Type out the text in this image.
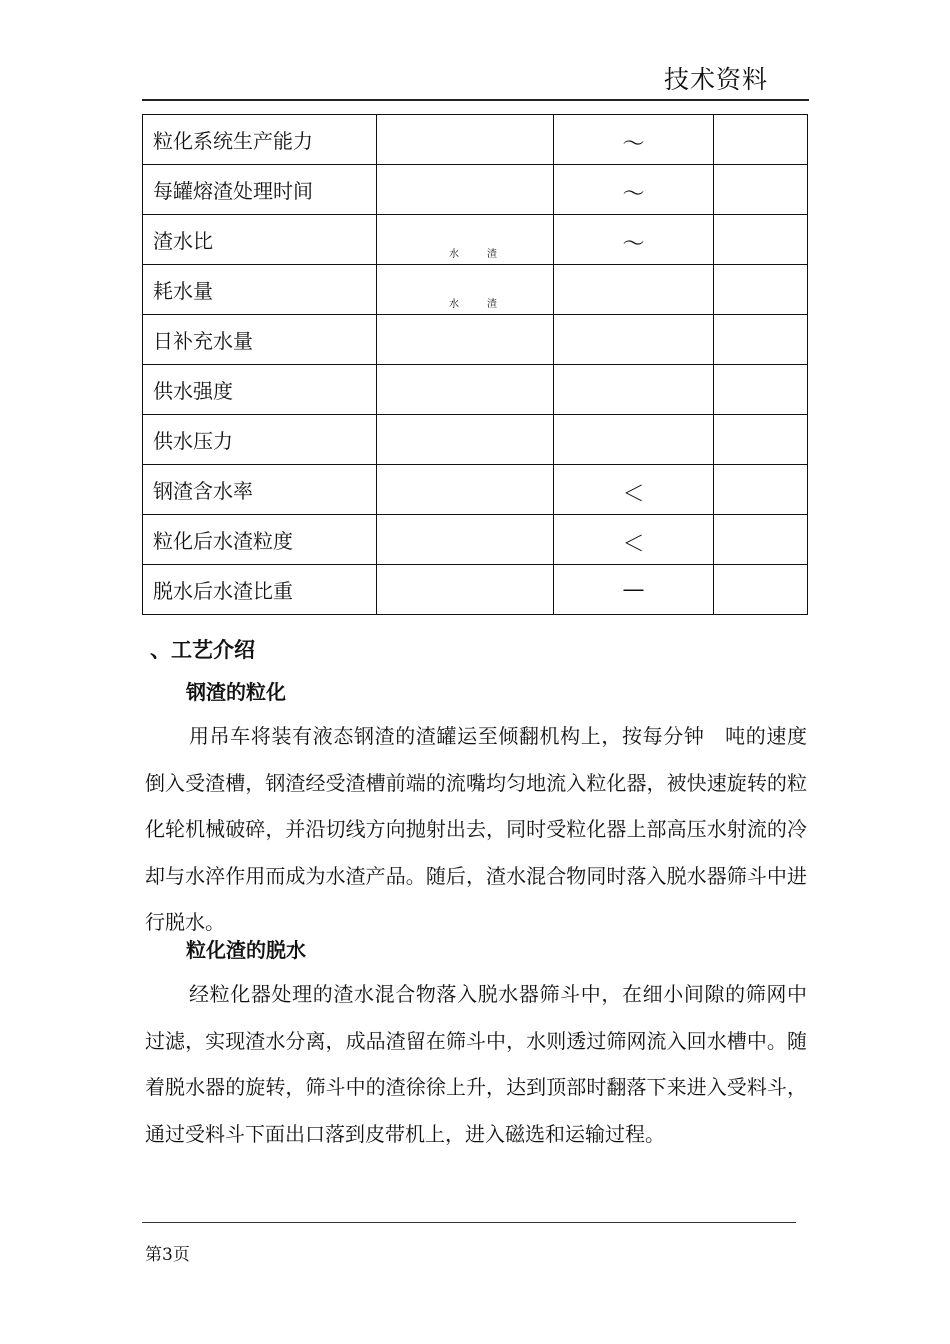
技术资料
粒化系统生产能力		～	
每罐熔渣处理时间		～	
渣水比	水 渣	～	
耗水量	水 渣		

日补充水量			
供水强度			
供水压力			
钢渣含水率		＜	
粒化后水渣粒度		＜	
脱水后水渣比重		—	
、工艺介绍
钢渣的粒化

用吊车将装有液态钢渣的渣罐运至倾翻机构上，按每分钟　吨的速度倒入受渣槽，钢渣经受渣槽前端的流嘴均匀地流入粒化器，被快速旋转的粒化轮机械破碎，并沿切线方向抛射出去，同时受粒化器上部高压水射流的冷却与水淬作用而成为水渣产品。随后，渣水混合物同时落入脱水器筛斗中进行脱水。

粒化渣的脱水

经粒化器处理的渣水混合物落入脱水器筛斗中，在细小间隙的筛网中过滤，实现渣水分离，成品渣留在筛斗中，水则透过筛网流入回水槽中。随着脱水器的旋转，筛斗中的渣徐徐上升，达到顶部时翻落下来进入受料斗，通过受料斗下面出口落到皮带机上，进入磁选和运输过程。

第3页
